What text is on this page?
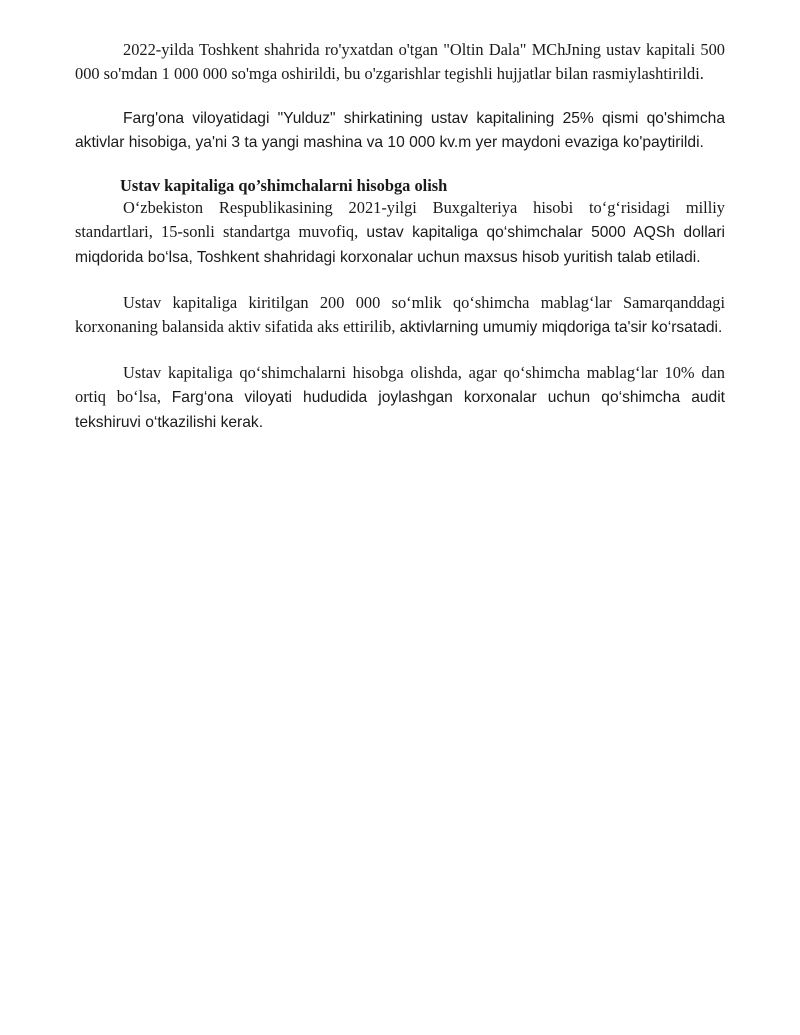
2022-yilda Toshkent shahrida ro'yxatdan o'tgan "Oltin Dala" MChJning ustav kapitali 500 000 so'mdan 1 000 000 so'mga oshirildi, bu o'zgarishlar tegishli hujjatlar bilan rasmiylashtirildi.

Farg'ona viloyatidagi "Yulduz" shirkatining ustav kapitalining 25% qismi qo'shimcha aktivlar hisobiga, ya'ni 3 ta yangi mashina va 10 000 kv.m yer maydoni evaziga ko'paytirildi.

Ustav kapitaliga qo’shimchalarni hisobga olish

O‘zbekiston Respublikasining 2021-yilgi Buxgalteriya hisobi to‘g‘risidagi milliy standartlari, 15-sonli standartga muvofiq, ustav kapitaliga qo‘shimchalar 5000 AQSh dollari miqdorida bo‘lsa, Toshkent shahridagi korxonalar uchun maxsus hisob yuritish talab etiladi.

Ustav kapitaliga kiritilgan 200 000 so‘mlik qo‘shimcha mablag‘lar Samarqanddagi korxonaning balansida aktiv sifatida aks ettirilib, aktivlarning umumiy miqdoriga ta'sir ko‘rsatadi.

Ustav kapitaliga qo‘shimchalarni hisobga olishda, agar qo‘shimcha mablag‘lar 10% dan ortiq bo‘lsa, Farg‘ona viloyati hududida joylashgan korxonalar uchun qo‘shimcha audit tekshiruvi o‘tkazilishi kerak.
